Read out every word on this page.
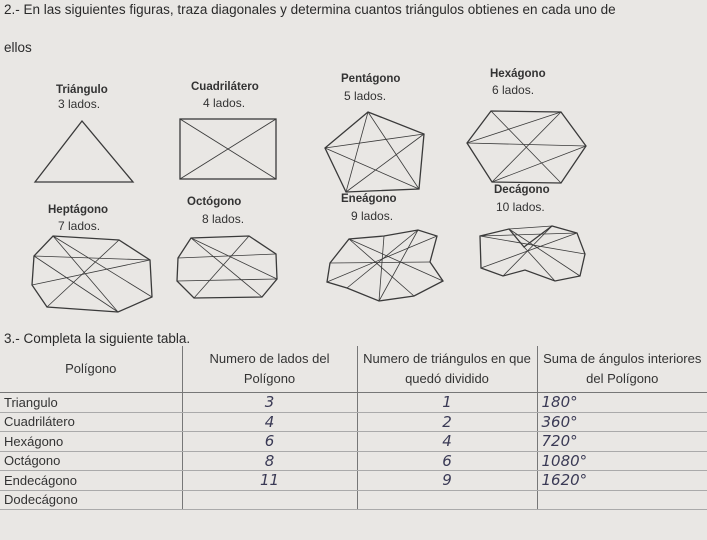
2.- En las siguientes figuras, traza diagonales y determina cuantos triángulos obtienes en cada uno de
ellos
Triángulo
3 lados.
Cuadrilátero
4 lados.
Pentágono
5 lados.
Hexágono
6 lados.
Heptágono
7 lados.
Octógono
8 lados.
Eneágono
9 lados.
Decágono
10 lados.
3.- Completa la siguiente tabla.
Polígono	Numero de lados del Polígono	Numero de triángulos en que quedó dividido	Suma de ángulos interiores del Polígono
Triangulo	3	1	180°
Cuadrilátero	4	2	360°
Hexágono	6	4	720°
Octágono	8	6	1080°
Endecágono	11	9	1620°
Dodecágono			
